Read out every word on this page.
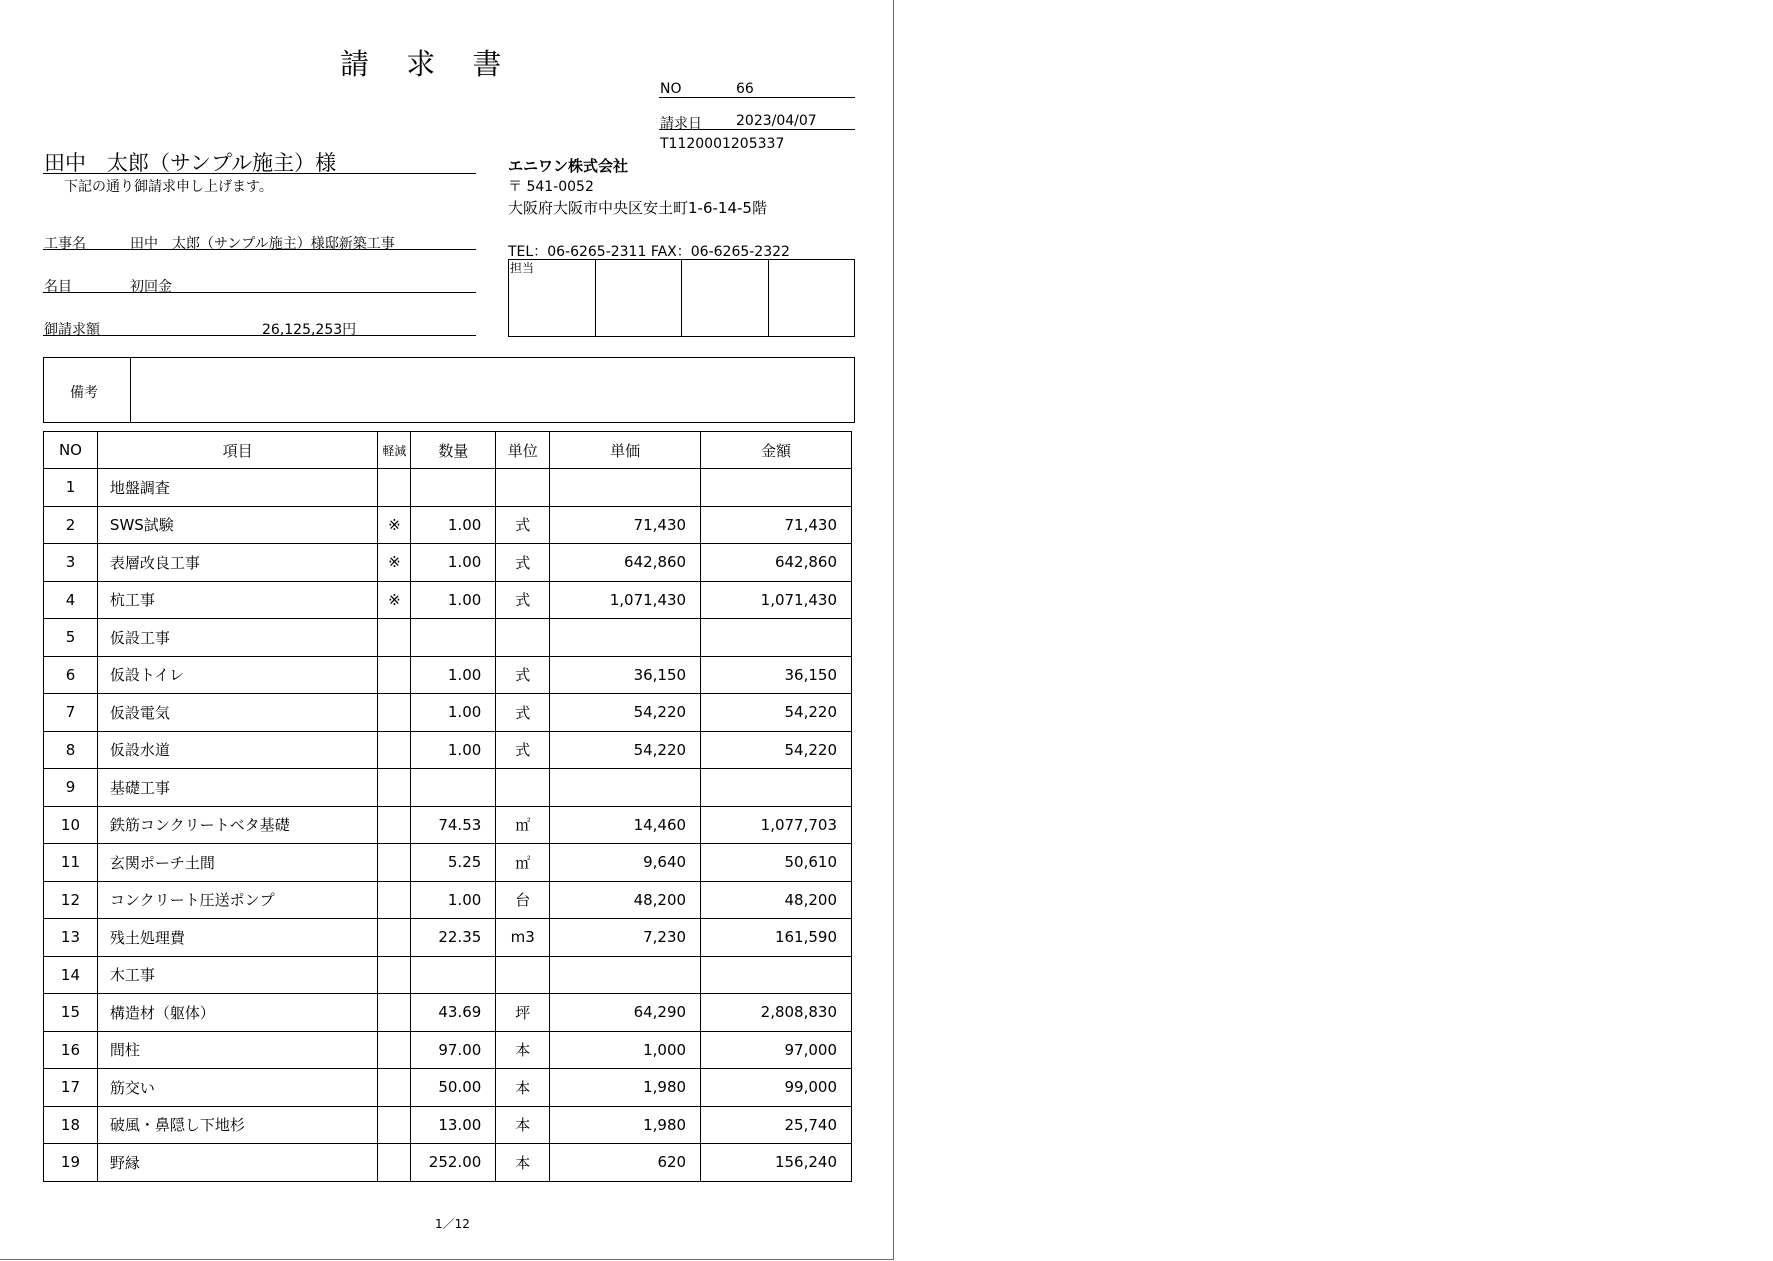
請 求 書
NO	66
請求日 2023/04/07
T1120001205337
田中　太郎（サンプル施主）様
下記の通り御請求申し上げます。
エニワン株式会社
〒 541-0052
大阪府大阪市中央区安土町1-6-14-5階
TEL：06-6265-2311 FAX：06-6265-2322
工事名	田中　太郎（サンプル施主）様邸新築工事
名目	初回金
御請求額	26,125,253円
担当
備考
NO	項目	軽減	数量	単位	単価	金額
1	地盤調査					
2	SWS試験	※	1.00	式	71,430	71,430
3	表層改良工事	※	1.00	式	642,860	642,860
4	杭工事	※	1.00	式	1,071,430	1,071,430
5	仮設工事					
6	仮設トイレ		1.00	式	36,150	36,150
7	仮設電気		1.00	式	54,220	54,220
8	仮設水道		1.00	式	54,220	54,220
9	基礎工事					
10	鉄筋コンクリートベタ基礎		74.53	㎡	14,460	1,077,703
11	玄関ポーチ土間		5.25	㎡	9,640	50,610
12	コンクリート圧送ポンプ		1.00	台	48,200	48,200
13	残土処理費		22.35	m3	7,230	161,590
14	木工事					
15	構造材（躯体）		43.69	坪	64,290	2,808,830
16	間柱		97.00	本	1,000	97,000
17	筋交い		50.00	本	1,980	99,000
18	破風・鼻隠し下地杉		13.00	本	1,980	25,740
19	野縁		252.00	本	620	156,240
1／12
